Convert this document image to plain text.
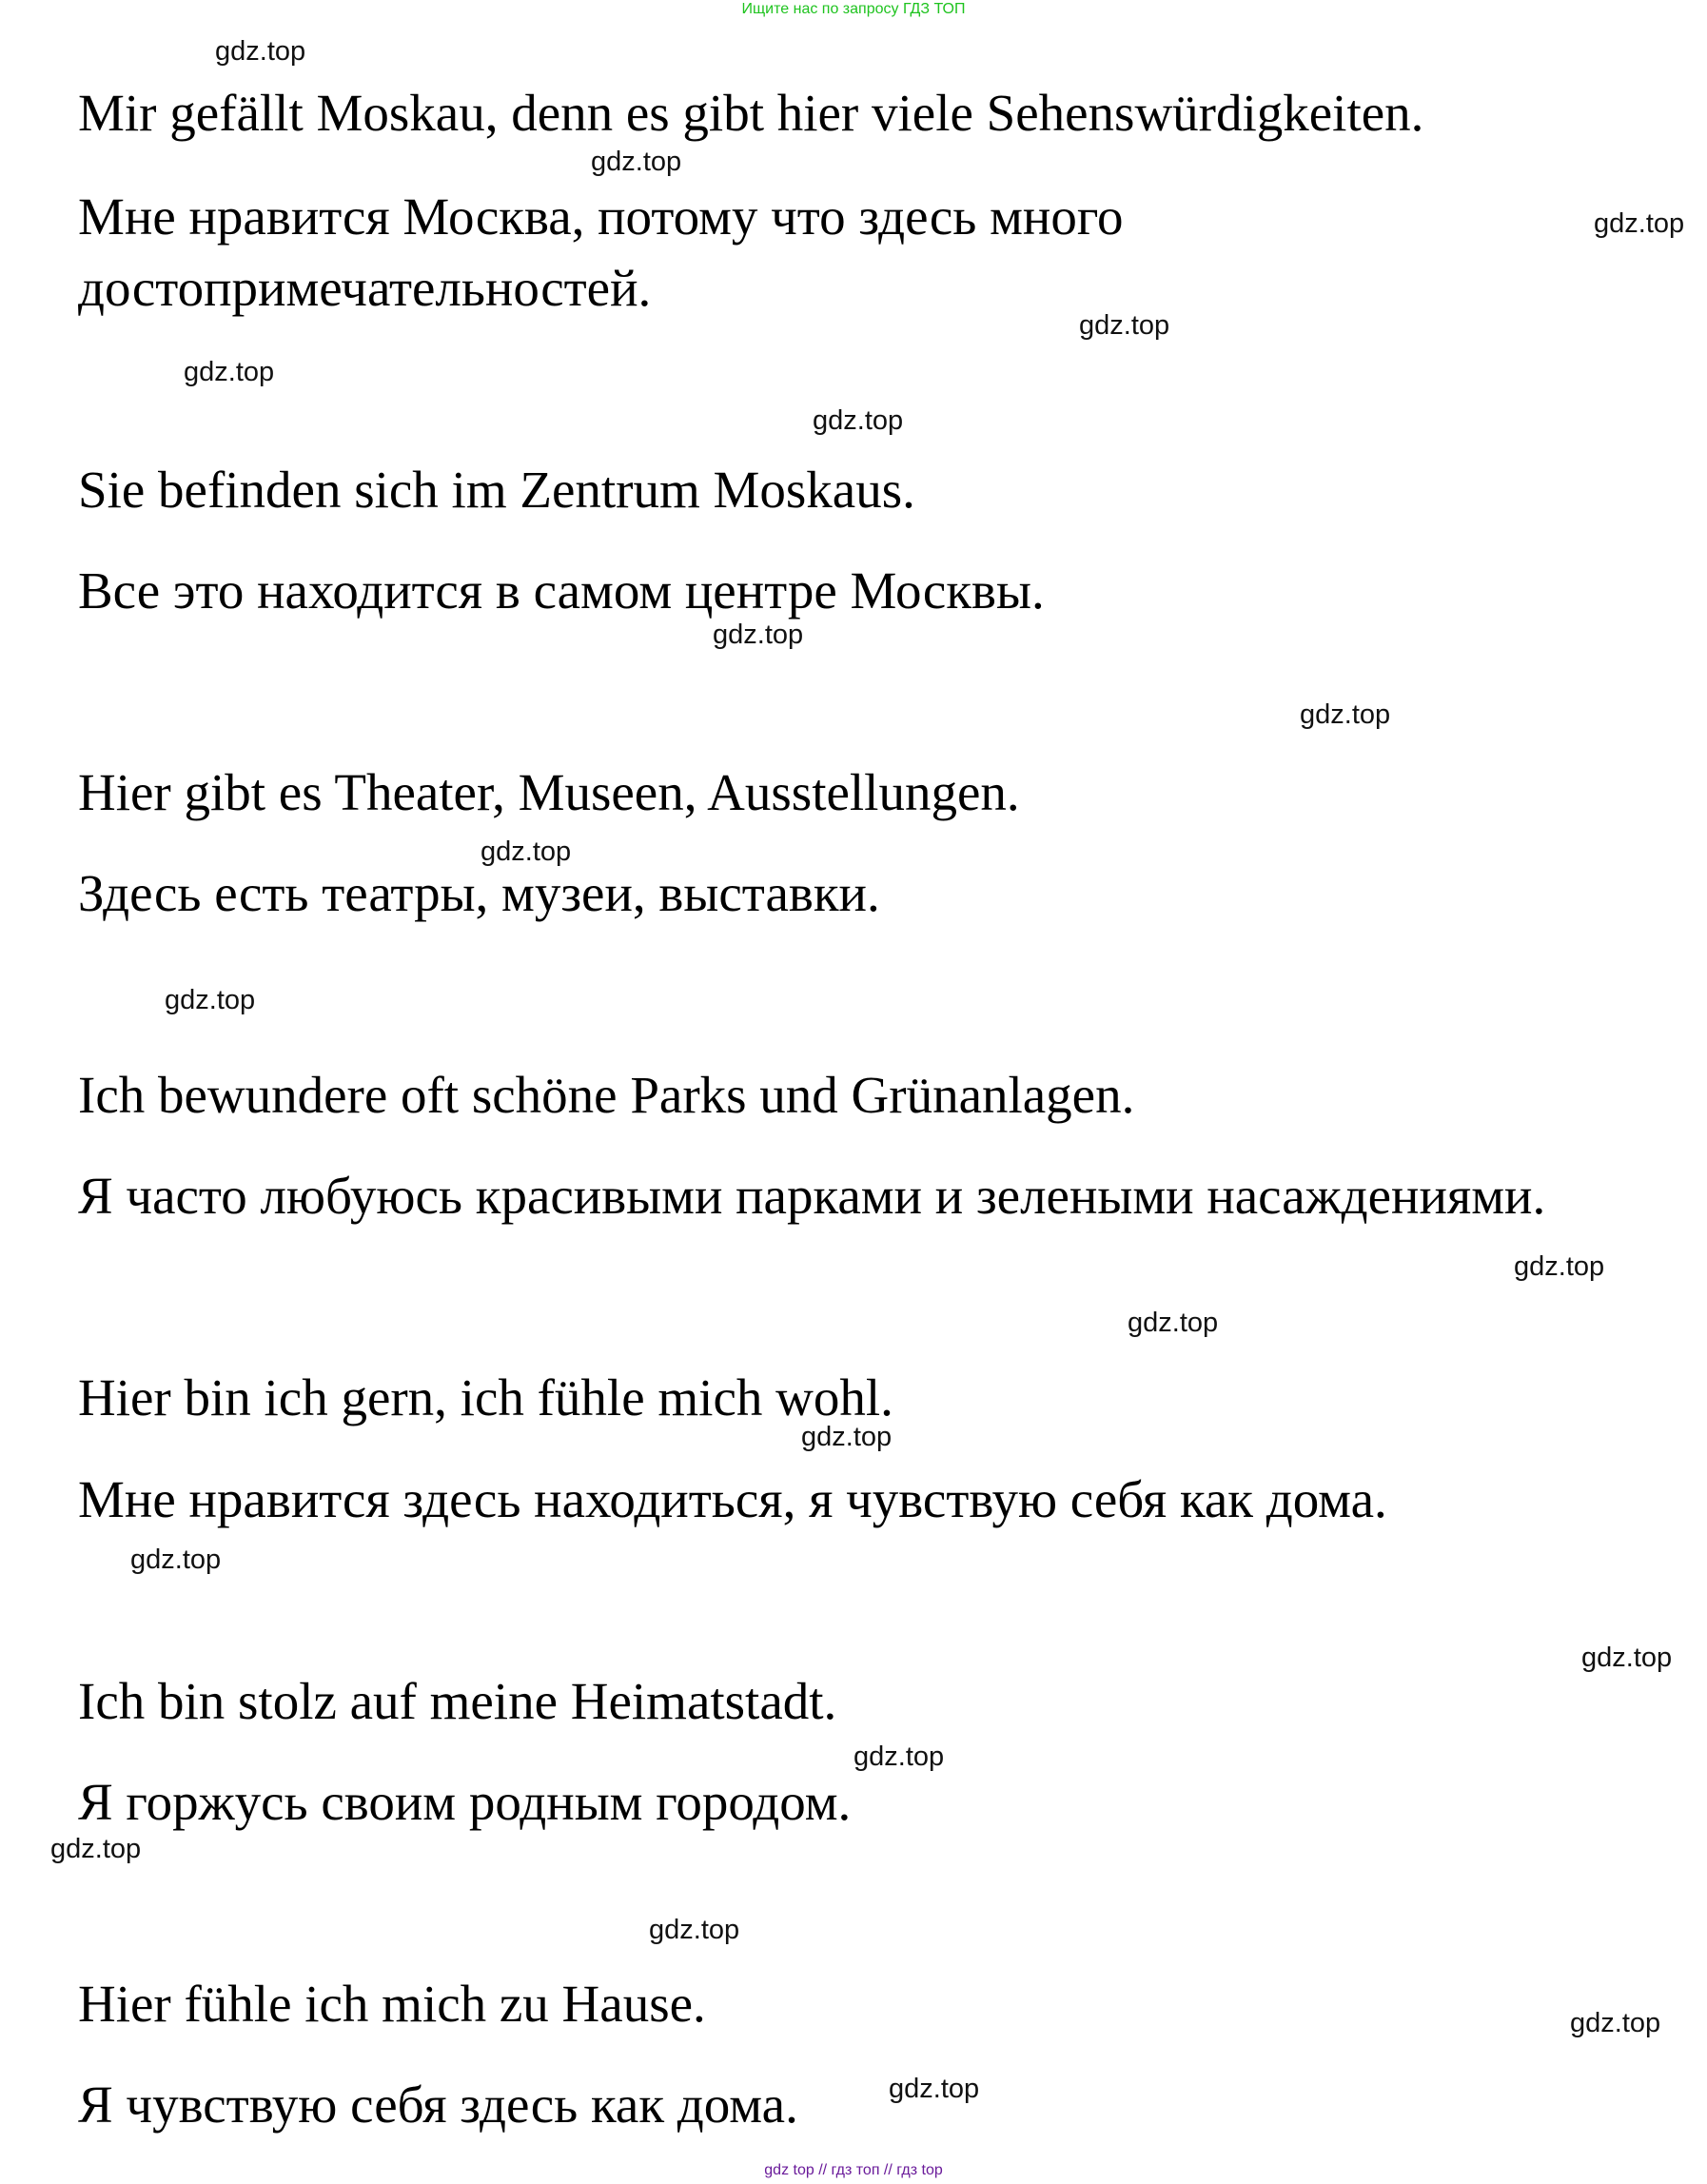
Ищите нас по запросу ГДЗ ТОП
Mir gefällt Moskau, denn es gibt hier viele Sehenswürdigkeiten.
Мне нравится Москва, потому что здесь много
достопримечательностей.
Sie befinden sich im Zentrum Moskaus.
Все это находится в самом центре Москвы.
Hier gibt es Theater, Museen, Ausstellungen.
Здесь есть театры, музеи, выставки.
Ich bewundere oft schöne Parks und Grünanlagen.
Я часто любуюсь красивыми парками и зелеными насаждениями.
Hier bin ich gern, ich fühle mich wohl.
Мне нравится здесь находиться, я чувствую себя как дома.
Ich bin stolz auf meine Heimatstadt.
Я горжусь своим родным городом.
Hier fühle ich mich zu Hause.
Я чувствую себя здесь как дома.
gdz.top
gdz.top
gdz.top
gdz.top
gdz.top
gdz.top
gdz.top
gdz.top
gdz.top
gdz.top
gdz.top
gdz.top
gdz.top
gdz.top
gdz.top
gdz.top
gdz.top
gdz.top
gdz.top
gdz.top
gdz top // гдз топ // гдз top
